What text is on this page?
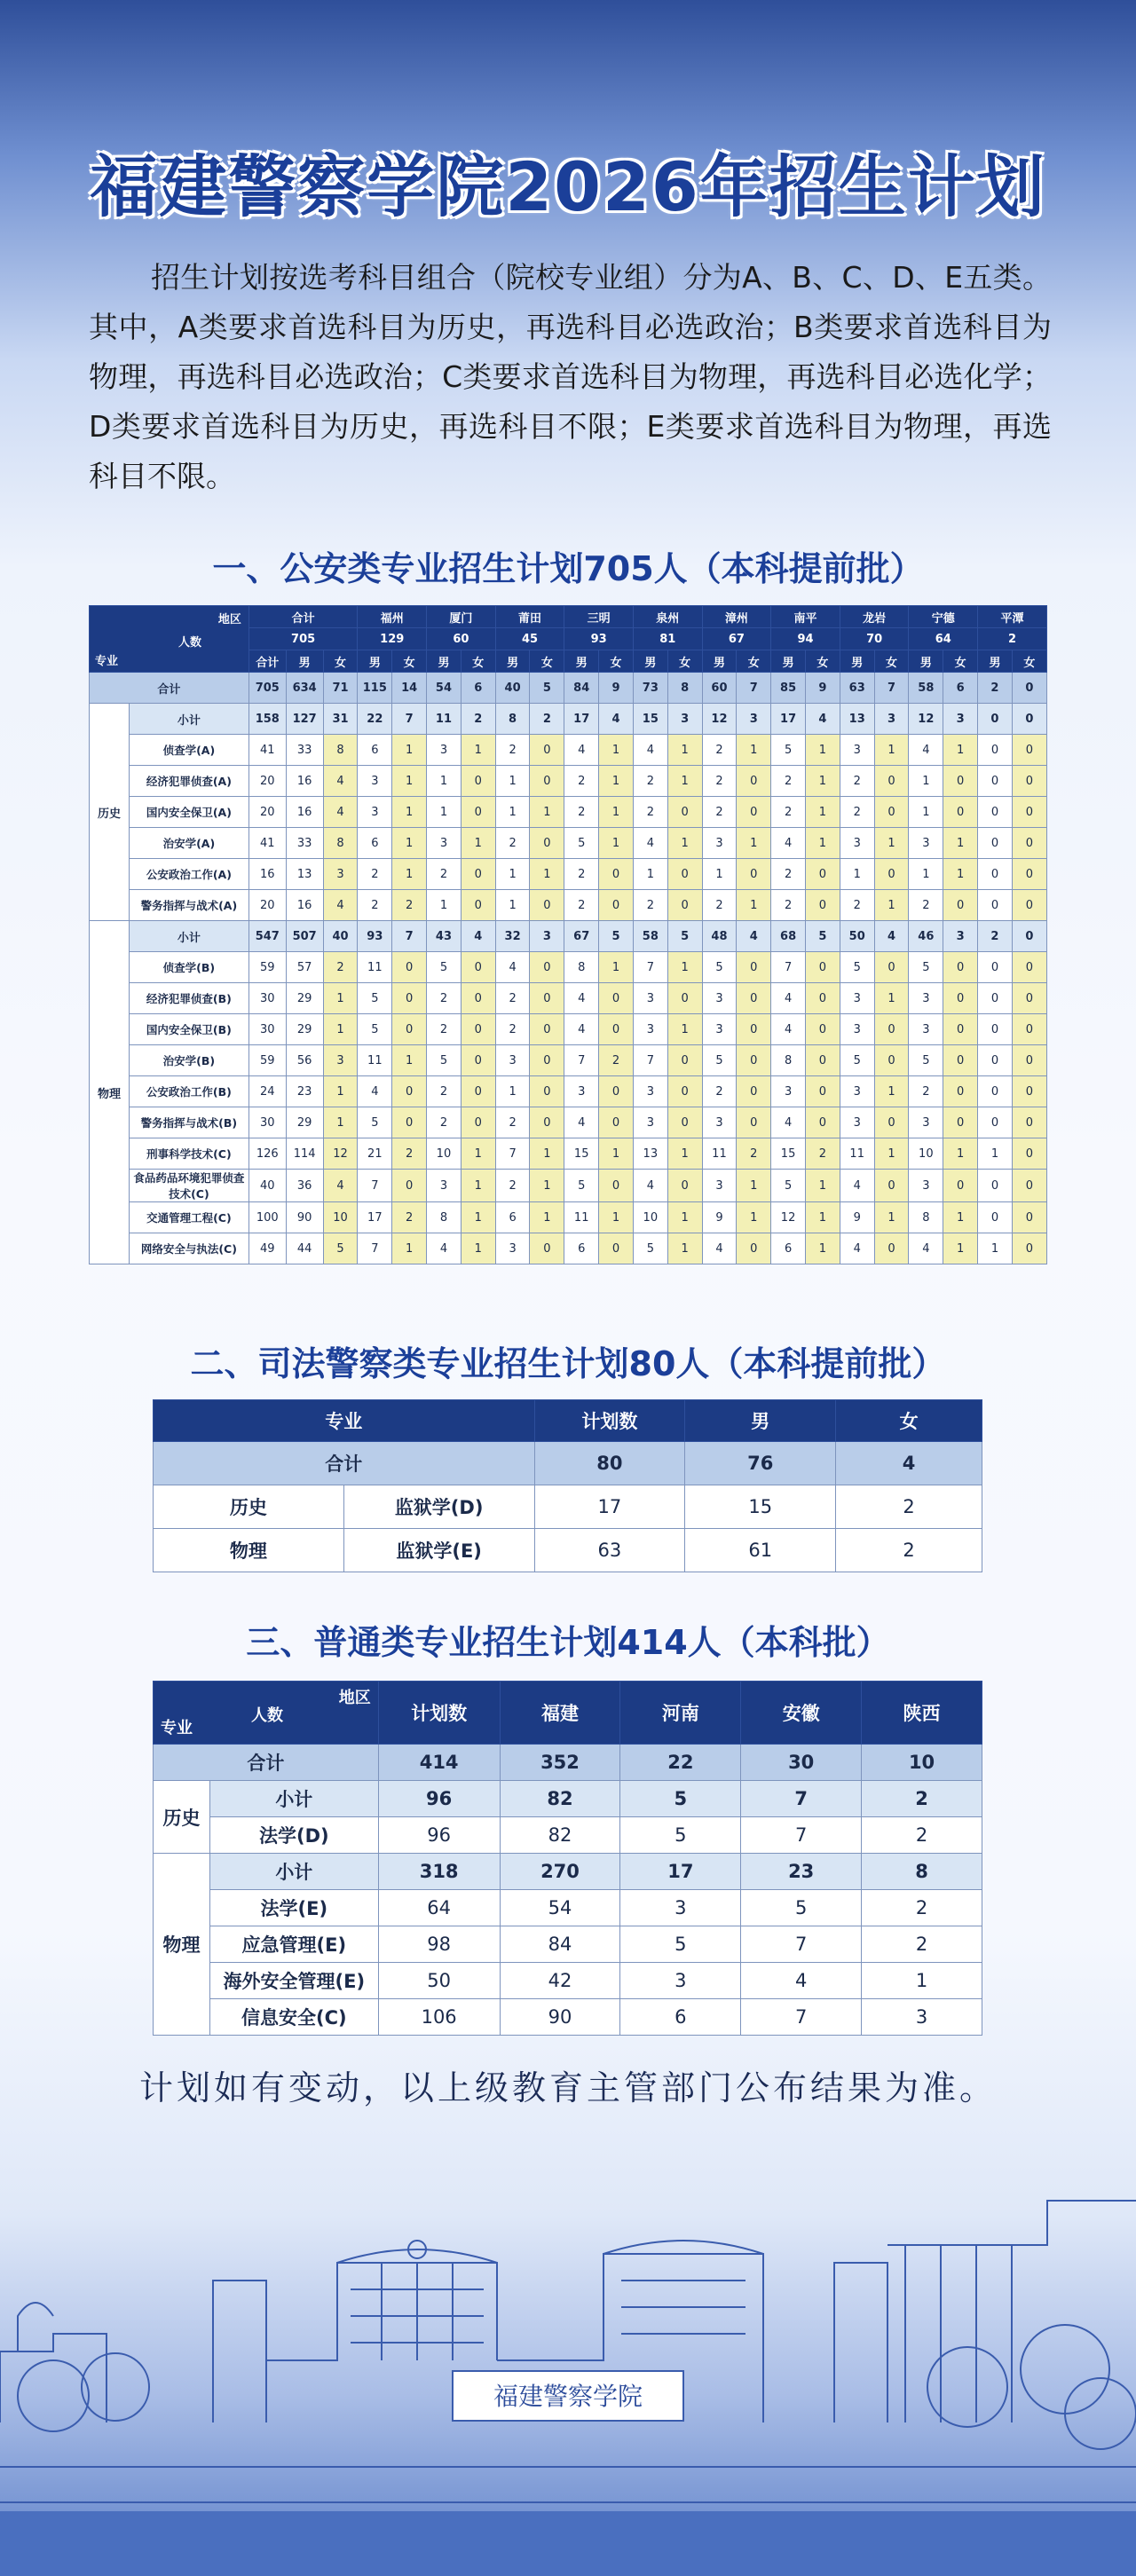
福建警察学院2026年招生计划
招生计划按选考科目组合（院校专业组）分为A、B、C、D、E五类。其中，A类要求首选科目为历史，再选科目必选政治；B类要求首选科目为物理，再选科目必选政治；C类要求首选科目为物理，再选科目必选化学；D类要求首选科目为历史，再选科目不限；E类要求首选科目为物理，再选科目不限。
一、公安类专业招生计划705人（本科提前批）
地区
人数
专业		合计			福州		厦门		莆田		三明		泉州		漳州		南平		龙岩		宁德		平潭	
		705			129		60		45		93		81		67		94		70		64		2	
		合计	男	女	男	女	男	女	男	女	男	女	男	女	男	女	男	女	男	女	男	女	男	女
合计		705	634	71	115	14	54	6	40	5	84	9	73	8	60	7	85	9	63	7	58	6	2	0
历史	小计	158	127	31	22	7	11	2	8	2	17	4	15	3	12	3	17	4	13	3	12	3	0	0
	侦查学(A)	41	33	8	6	1	3	1	2	0	4	1	4	1	2	1	5	1	3	1	4	1	0	0
	经济犯罪侦查(A)	20	16	4	3	1	1	0	1	0	2	1	2	1	2	0	2	1	2	0	1	0	0	0
	国内安全保卫(A)	20	16	4	3	1	1	0	1	1	2	1	2	0	2	0	2	1	2	0	1	0	0	0
	治安学(A)	41	33	8	6	1	3	1	2	0	5	1	4	1	3	1	4	1	3	1	3	1	0	0
	公安政治工作(A)	16	13	3	2	1	2	0	1	1	2	0	1	0	1	0	2	0	1	0	1	1	0	0
	警务指挥与战术(A)	20	16	4	2	2	1	0	1	0	2	0	2	0	2	1	2	0	2	1	2	0	0	0
物理	小计	547	507	40	93	7	43	4	32	3	67	5	58	5	48	4	68	5	50	4	46	3	2	0
	侦查学(B)	59	57	2	11	0	5	0	4	0	8	1	7	1	5	0	7	0	5	0	5	0	0	0
	经济犯罪侦查(B)	30	29	1	5	0	2	0	2	0	4	0	3	0	3	0	4	0	3	1	3	0	0	0
	国内安全保卫(B)	30	29	1	5	0	2	0	2	0	4	0	3	1	3	0	4	0	3	0	3	0	0	0
	治安学(B)	59	56	3	11	1	5	0	3	0	7	2	7	0	5	0	8	0	5	0	5	0	0	0
	公安政治工作(B)	24	23	1	4	0	2	0	1	0	3	0	3	0	2	0	3	0	3	1	2	0	0	0
	警务指挥与战术(B)	30	29	1	5	0	2	0	2	0	4	0	3	0	3	0	4	0	3	0	3	0	0	0
	刑事科学技术(C)	126	114	12	21	2	10	1	7	1	15	1	13	1	11	2	15	2	11	1	10	1	1	0
	食品药品环境犯罪侦查技术(C)	40	36	4	7	0	3	1	2	1	5	0	4	0	3	1	5	1	4	0	3	0	0	0
	交通管理工程(C)	100	90	10	17	2	8	1	6	1	11	1	10	1	9	1	12	1	9	1	8	1	0	0
	网络安全与执法(C)	49	44	5	7	1	4	1	3	0	6	0	5	1	4	0	6	1	4	0	4	1	1	0
二、司法警察类专业招生计划80人（本科提前批）
专业		计划数	男	女
合计		80	76	4
历史	监狱学(D)	17	15	2
物理	监狱学(E)	63	61	2
三、普通类专业招生计划414人（本科批）
地区
人数
专业		计划数	福建	河南	安徽	陕西
合计		414	352	22	30	10
历史	小计	96	82	5	7	2
	法学(D)	96	82	5	7	2
物理	小计	318	270	17	23	8
	法学(E)	64	54	3	5	2
	应急管理(E)	98	84	5	7	2
	海外安全管理(E)	50	42	3	4	1
	信息安全(C)	106	90	6	7	3
计划如有变动，以上级教育主管部门公布结果为准。
福建警察学院
